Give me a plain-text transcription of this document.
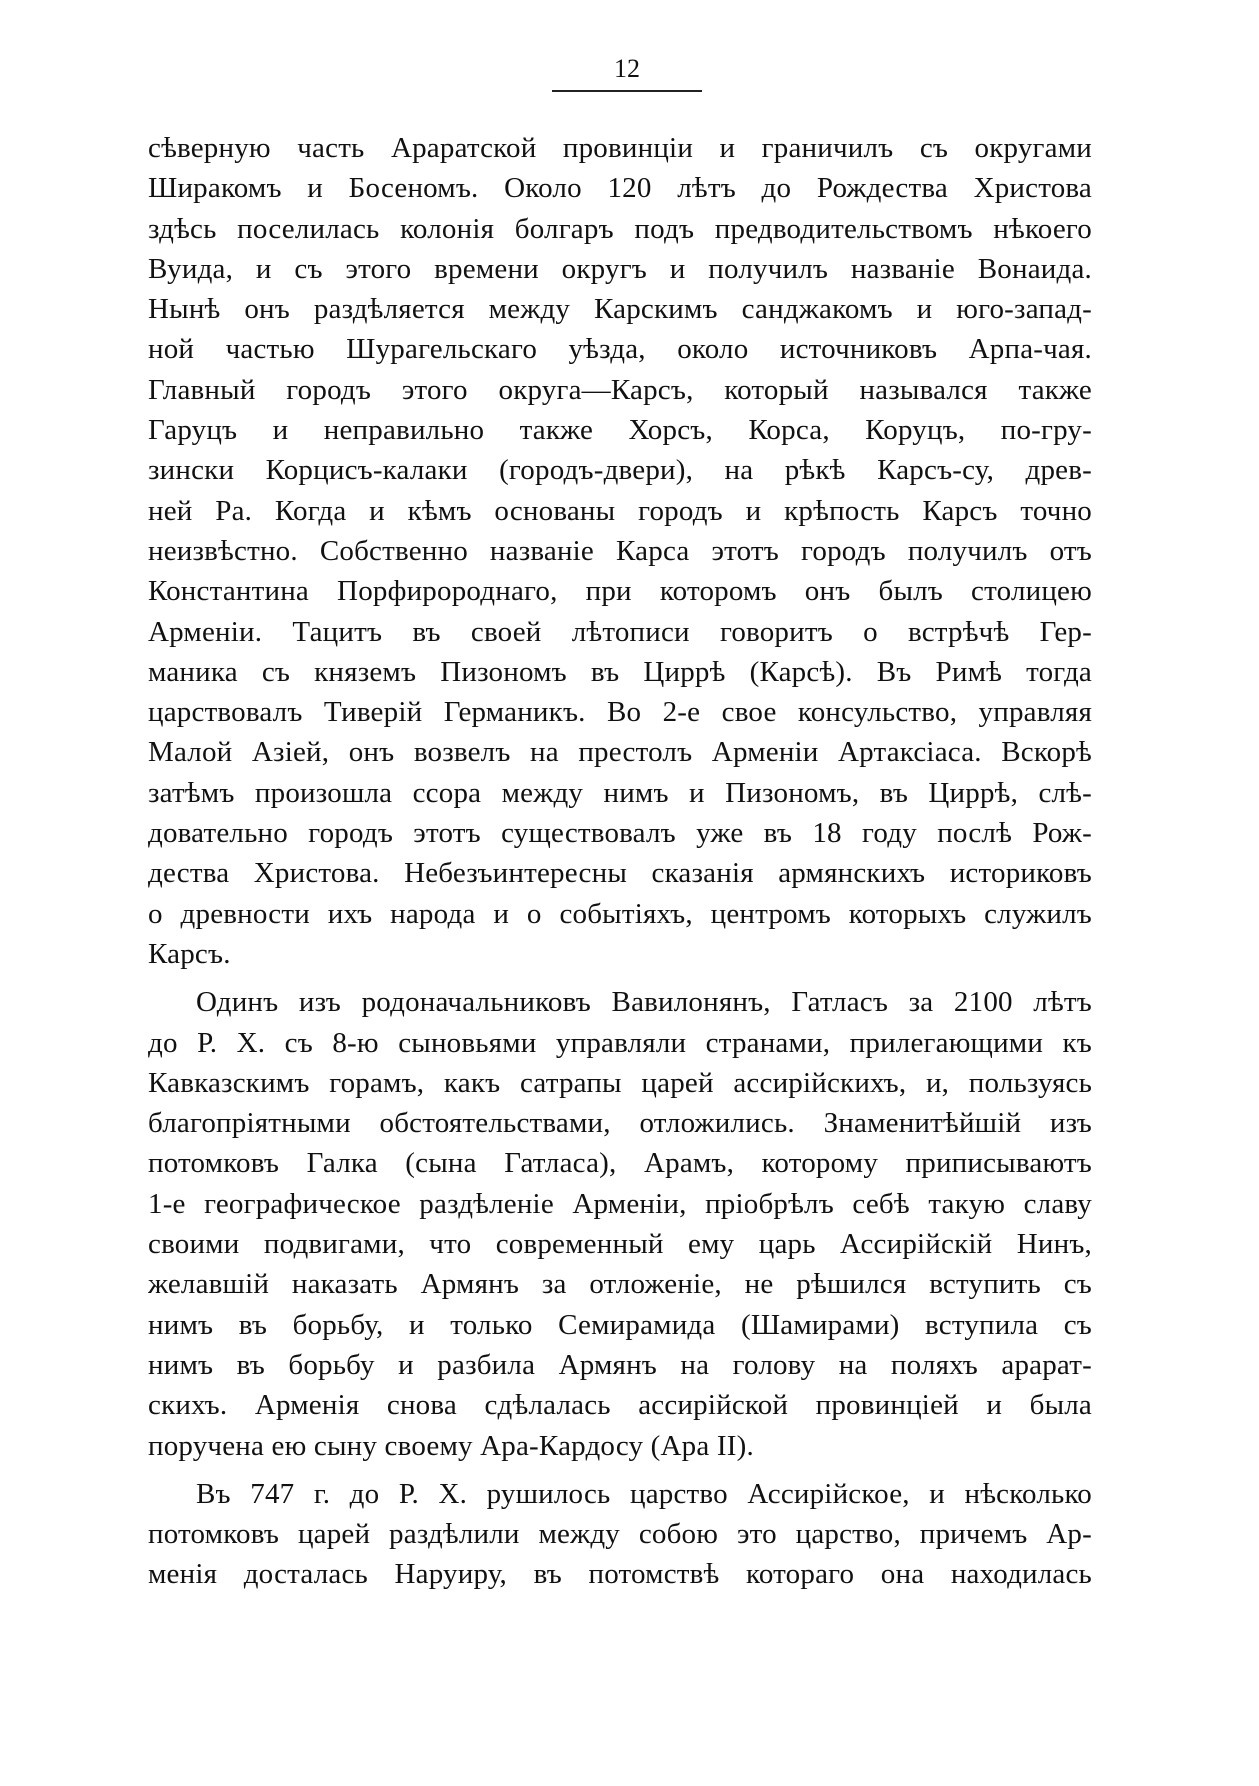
12
сѣверную часть Араратской провинціи и граничилъ съ округами
Ширакомъ и Босеномъ. Около 120 лѣтъ до Рождества Христова
здѣсь поселилась колонія болгаръ подъ предводительствомъ нѣкоего
Вуида, и съ этого времени округъ и получилъ названіе Вонаида.
Нынѣ онъ раздѣляется между Карскимъ санджакомъ и юго-запад-
ной частью Шурагельскаго уѣзда, около источниковъ Арпа-чая.
Главный городъ этого округа—Карсъ, который назывался также
Гаруцъ и неправильно также Хорсъ, Корса, Коруцъ, по-гру-
зински Корцисъ-калаки (городъ-двери), на рѣкѣ Карсъ-су, древ-
ней Ра. Когда и кѣмъ основаны городъ и крѣпость Карсъ точно
неизвѣстно. Собственно названіе Карса этотъ городъ получилъ отъ
Константина Порфиророднаго, при которомъ онъ былъ столицею
Арменіи. Тацитъ въ своей лѣтописи говоритъ о встрѣчѣ Гер-
маника съ княземъ Пизономъ въ Циррѣ (Карсѣ). Въ Римѣ тогда
царствовалъ Тиверій Германикъ. Во 2-е свое консульство, управляя
Малой Азіей, онъ возвелъ на престолъ Арменіи Артаксіаса. Вскорѣ
затѣмъ произошла ссора между нимъ и Пизономъ, въ Циррѣ, слѣ-
довательно городъ этотъ существовалъ уже въ 18 году послѣ Рож-
дества Христова. Небезъинтересны сказанія армянскихъ историковъ
о древности ихъ народа и о событіяхъ, центромъ которыхъ служилъ
Карсъ.
Одинъ изъ родоначальниковъ Вавилонянъ, Гатласъ за 2100 лѣтъ
до Р. Х. съ 8-ю сыновьями управляли странами, прилегающими къ
Кавказскимъ горамъ, какъ сатрапы царей ассирійскихъ, и, пользуясь
благопріятными обстоятельствами, отложились. Знаменитѣйшій изъ
потомковъ Галка (сына Гатласа), Арамъ, которому приписываютъ
1-е географическое раздѣленіе Арменіи, пріобрѣлъ себѣ такую славу
своими подвигами, что современный ему царь Ассирійскій Нинъ,
желавшій наказать Армянъ за отложеніе, не рѣшился вступить съ
нимъ въ борьбу, и только Семирамида (Шамирами) вступила съ
нимъ въ борьбу и разбила Армянъ на голову на поляхъ арарат-
скихъ. Арменія снова сдѣлалась ассирійской провинціей и была
поручена ею сыну своему Ара-Кардосу (Ара II).
Въ 747 г. до Р. Х. рушилось царство Ассирійское, и нѣсколько
потомковъ царей раздѣлили между собою это царство, причемъ Ар-
менія досталась Наруиру, въ потомствѣ котораго она находилась
